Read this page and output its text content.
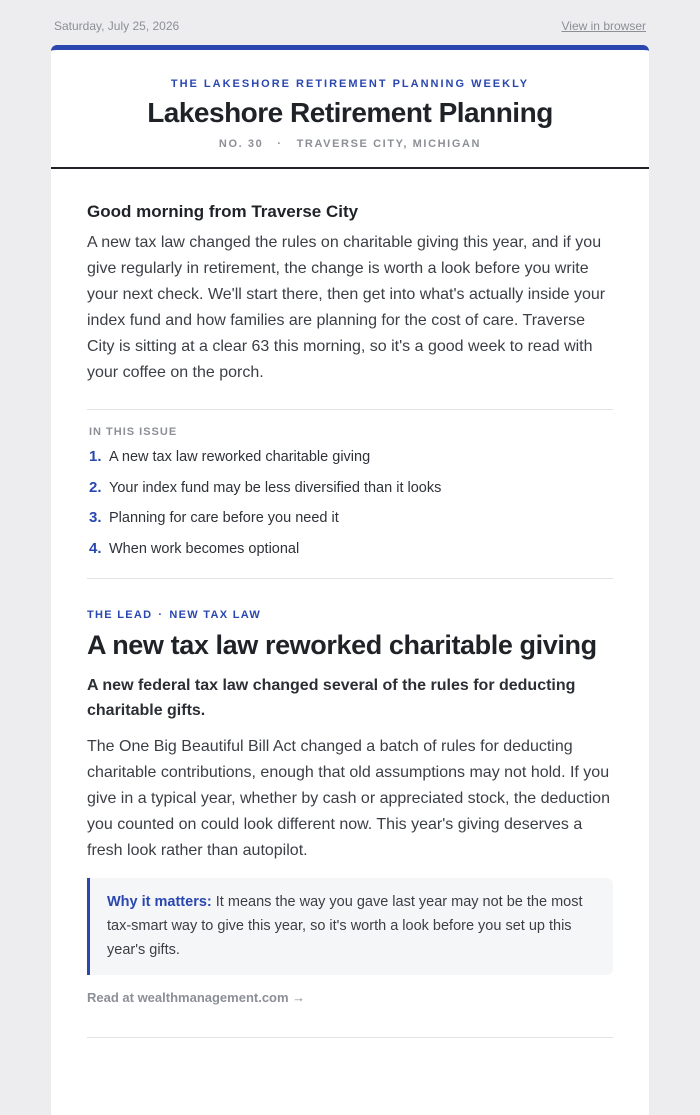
Saturday, July 25, 2026	View in browser
THE LAKESHORE RETIREMENT PLANNING WEEKLY
Lakeshore Retirement Planning
NO. 30 · TRAVERSE CITY, MICHIGAN
Good morning from Traverse City

A new tax law changed the rules on charitable giving this year, and if you give regularly in retirement, the change is worth a look before you write your next check. We'll start there, then get into what's actually inside your index fund and how families are planning for the cost of care. Traverse City is sitting at a clear 63 this morning, so it's a good week to read with your coffee on the porch.

IN THIS ISSUE
1. A new tax law reworked charitable giving
2. Your index fund may be less diversified than it looks
3. Planning for care before you need it
4. When work becomes optional
THE LEAD · NEW TAX LAW
A new tax law reworked charitable giving
A new federal tax law changed several of the rules for deducting charitable gifts.
The One Big Beautiful Bill Act changed a batch of rules for deducting charitable contributions, enough that old assumptions may not hold. If you give in a typical year, whether by cash or appreciated stock, the deduction you counted on could look different now. This year's giving deserves a fresh look rather than autopilot.
Why it matters: It means the way you gave last year may not be the most tax-smart way to give this year, so it's worth a look before you set up this year's gifts.
Read at wealthmanagement.com →
